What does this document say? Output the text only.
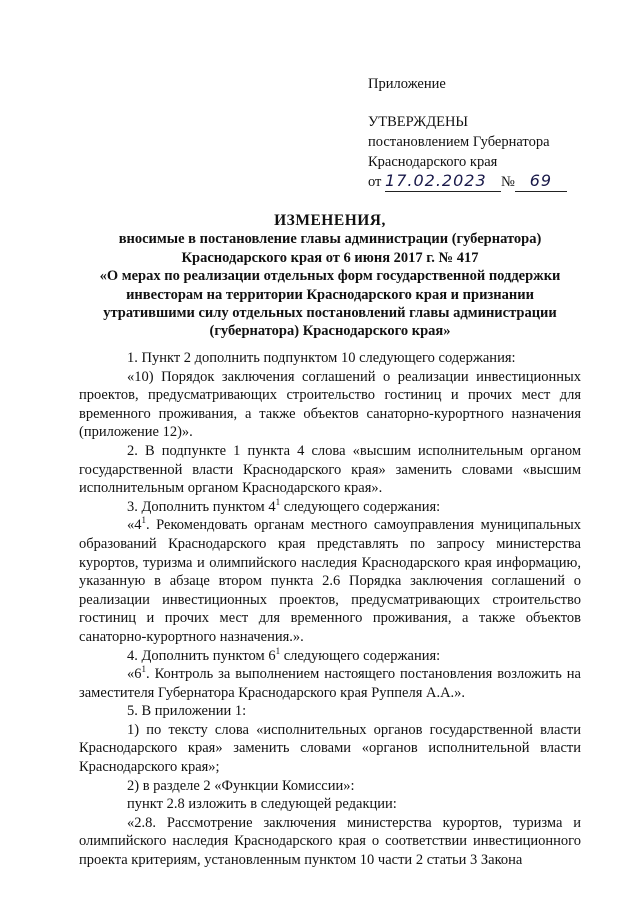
Приложение
УТВЕРЖДЕНЫ
постановлением Губернатора
Краснодарского края
от 17.02.2023 № 69
ИЗМЕНЕНИЯ,
вносимые в постановление главы администрации (губернатора)
Краснодарского края от 6 июня 2017 г. № 417
«О мерах по реализации отдельных форм государственной поддержки
инвесторам на территории Краснодарского края и признании
утратившими силу отдельных постановлений главы администрации
(губернатора) Краснодарского края»

1. Пункт 2 дополнить подпунктом 10 следующего содержания:

«10) Порядок заключения соглашений о реализации инвестиционных проектов, предусматривающих строительство гостиниц и прочих мест для временного проживания, а также объектов санаторно-курортного назначения (приложение 12)».

2. В подпункте 1 пункта 4 слова «высшим исполнительным органом государственной власти Краснодарского края» заменить словами «высшим исполнительным органом Краснодарского края».

3. Дополнить пунктом $4^1$ следующего содержания:

«$4^1$. Рекомендовать органам местного самоуправления муниципальных образований Краснодарского края представлять по запросу министерства курортов, туризма и олимпийского наследия Краснодарского края информацию, указанную в абзаце втором пункта 2.6 Порядка заключения соглашений о реализации инвестиционных проектов, предусматривающих строительство гостиниц и прочих мест для временного проживания, а также объектов санаторно-курортного назначения.».

4. Дополнить пунктом $6^1$ следующего содержания:

«$6^1$. Контроль за выполнением настоящего постановления возложить на заместителя Губернатора Краснодарского края Руппеля А.А.».

5. В приложении 1:

1) по тексту слова «исполнительных органов государственной власти Краснодарского края» заменить словами «органов исполнительной власти Краснодарского края»;

2) в разделе 2 «Функции Комиссии»:

пункт 2.8 изложить в следующей редакции:

«2.8. Рассмотрение заключения министерства курортов, туризма и олимпийского наследия Краснодарского края о соответствии инвестиционного проекта критериям, установленным пунктом 10 части 2 статьи 3 Закона
